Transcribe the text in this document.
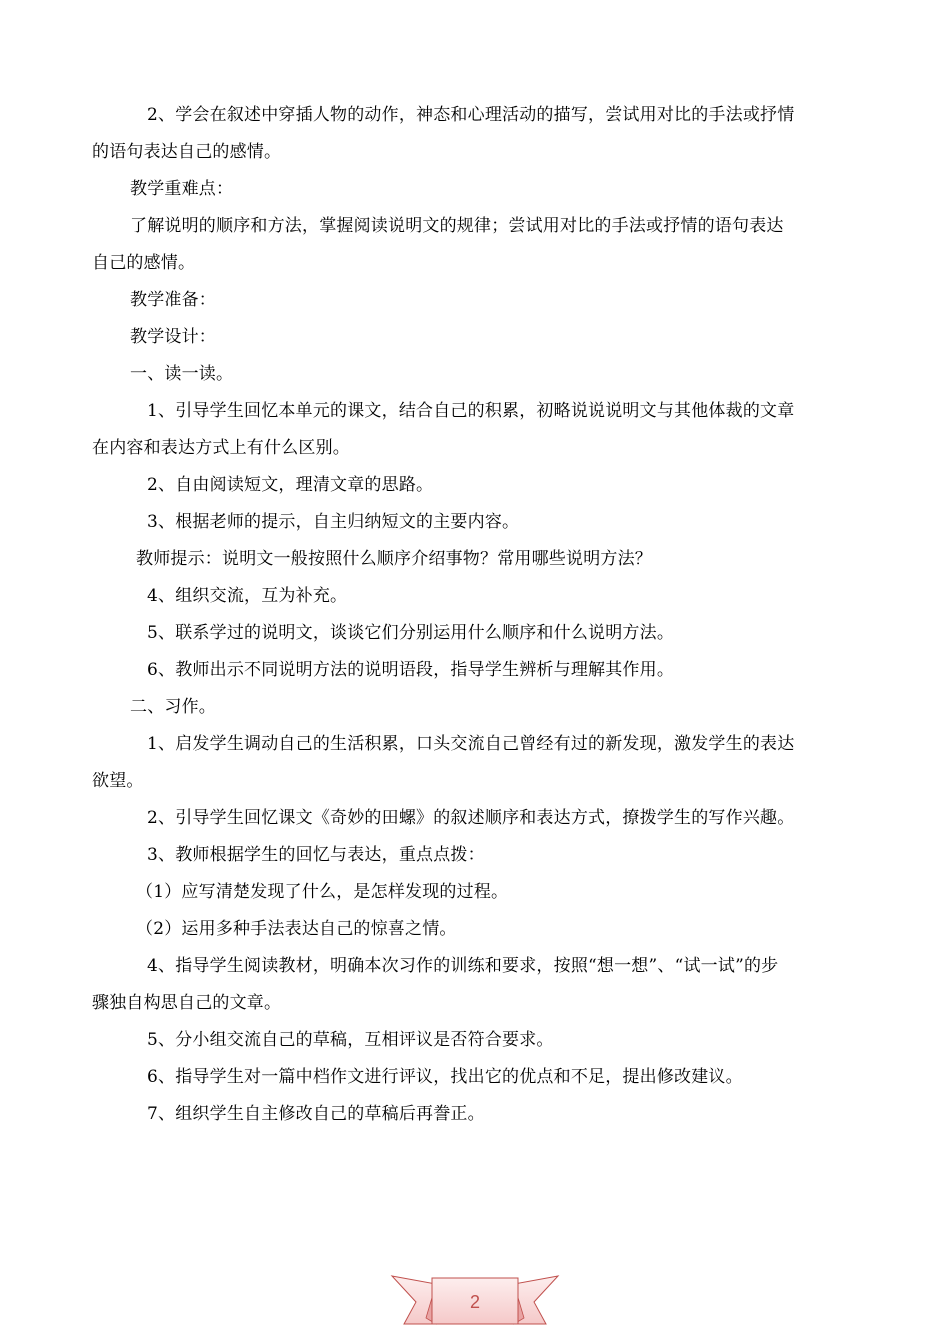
2、学会在叙述中穿插人物的动作，神态和心理活动的描写，尝试用对比的手法或抒情

的语句表达自己的感情。

教学重难点：

了解说明的顺序和方法，掌握阅读说明文的规律；尝试用对比的手法或抒情的语句表达

自己的感情。

教学准备：

教学设计：

一、读一读。

1、引导学生回忆本单元的课文，结合自己的积累，初略说说说明文与其他体裁的文章

在内容和表达方式上有什么区别。

2、自由阅读短文，理清文章的思路。

3、根据老师的提示，自主归纳短文的主要内容。

教师提示：说明文一般按照什么顺序介绍事物？常用哪些说明方法？

4、组织交流，互为补充。

5、联系学过的说明文，谈谈它们分别运用什么顺序和什么说明方法。

6、教师出示不同说明方法的说明语段，指导学生辨析与理解其作用。

二、习作。

1、启发学生调动自己的生活积累，口头交流自己曾经有过的新发现，激发学生的表达

欲望。

2、引导学生回忆课文《奇妙的田螺》的叙述顺序和表达方式，撩拨学生的写作兴趣。

3、教师根据学生的回忆与表达，重点点拨：

（1）应写清楚发现了什么，是怎样发现的过程。

（2）运用多种手法表达自己的惊喜之情。

4、指导学生阅读教材，明确本次习作的训练和要求，按照“想一想”、“试一试”的步

骤独自构思自己的文章。

5、分小组交流自己的草稿，互相评议是否符合要求。

6、指导学生对一篇中档作文进行评议，找出它的优点和不足，提出修改建议。

7、组织学生自主修改自己的草稿后再誊正。

2
